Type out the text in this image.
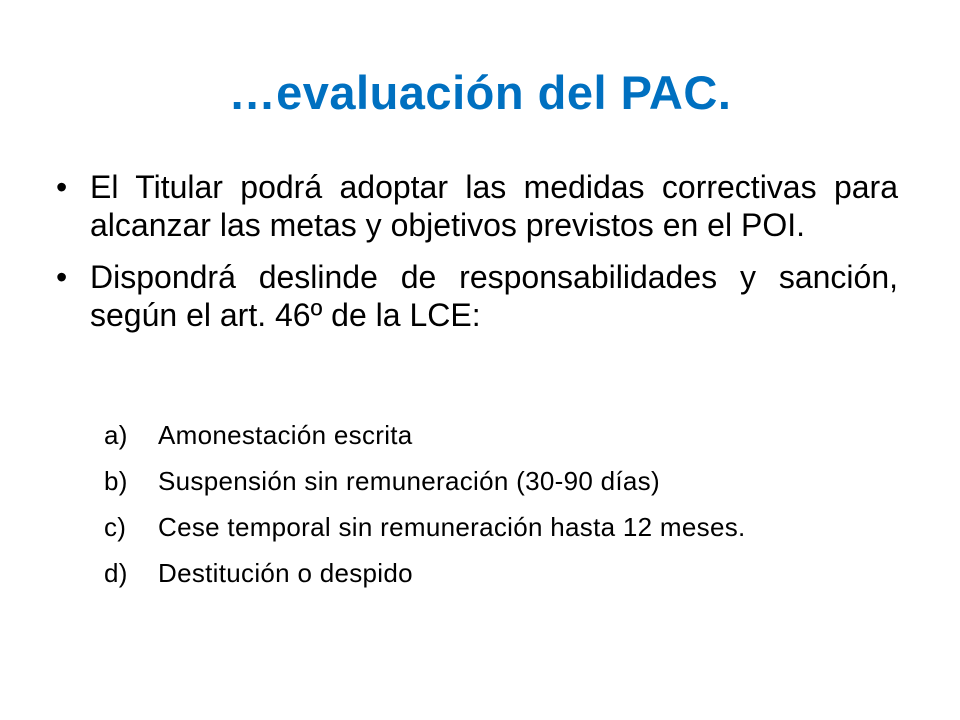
…evaluación del PAC.
• El Titular podrá adoptar las medidas correctivas para alcanzar las metas y objetivos previstos en el POI.
• Dispondrá deslinde de responsabilidades y sanción, según el art. 46º de la LCE:
a) Amonestación escrita
b) Suspensión sin remuneración (30-90 días)
c) Cese temporal sin remuneración hasta 12 meses.
d) Destitución o despido
